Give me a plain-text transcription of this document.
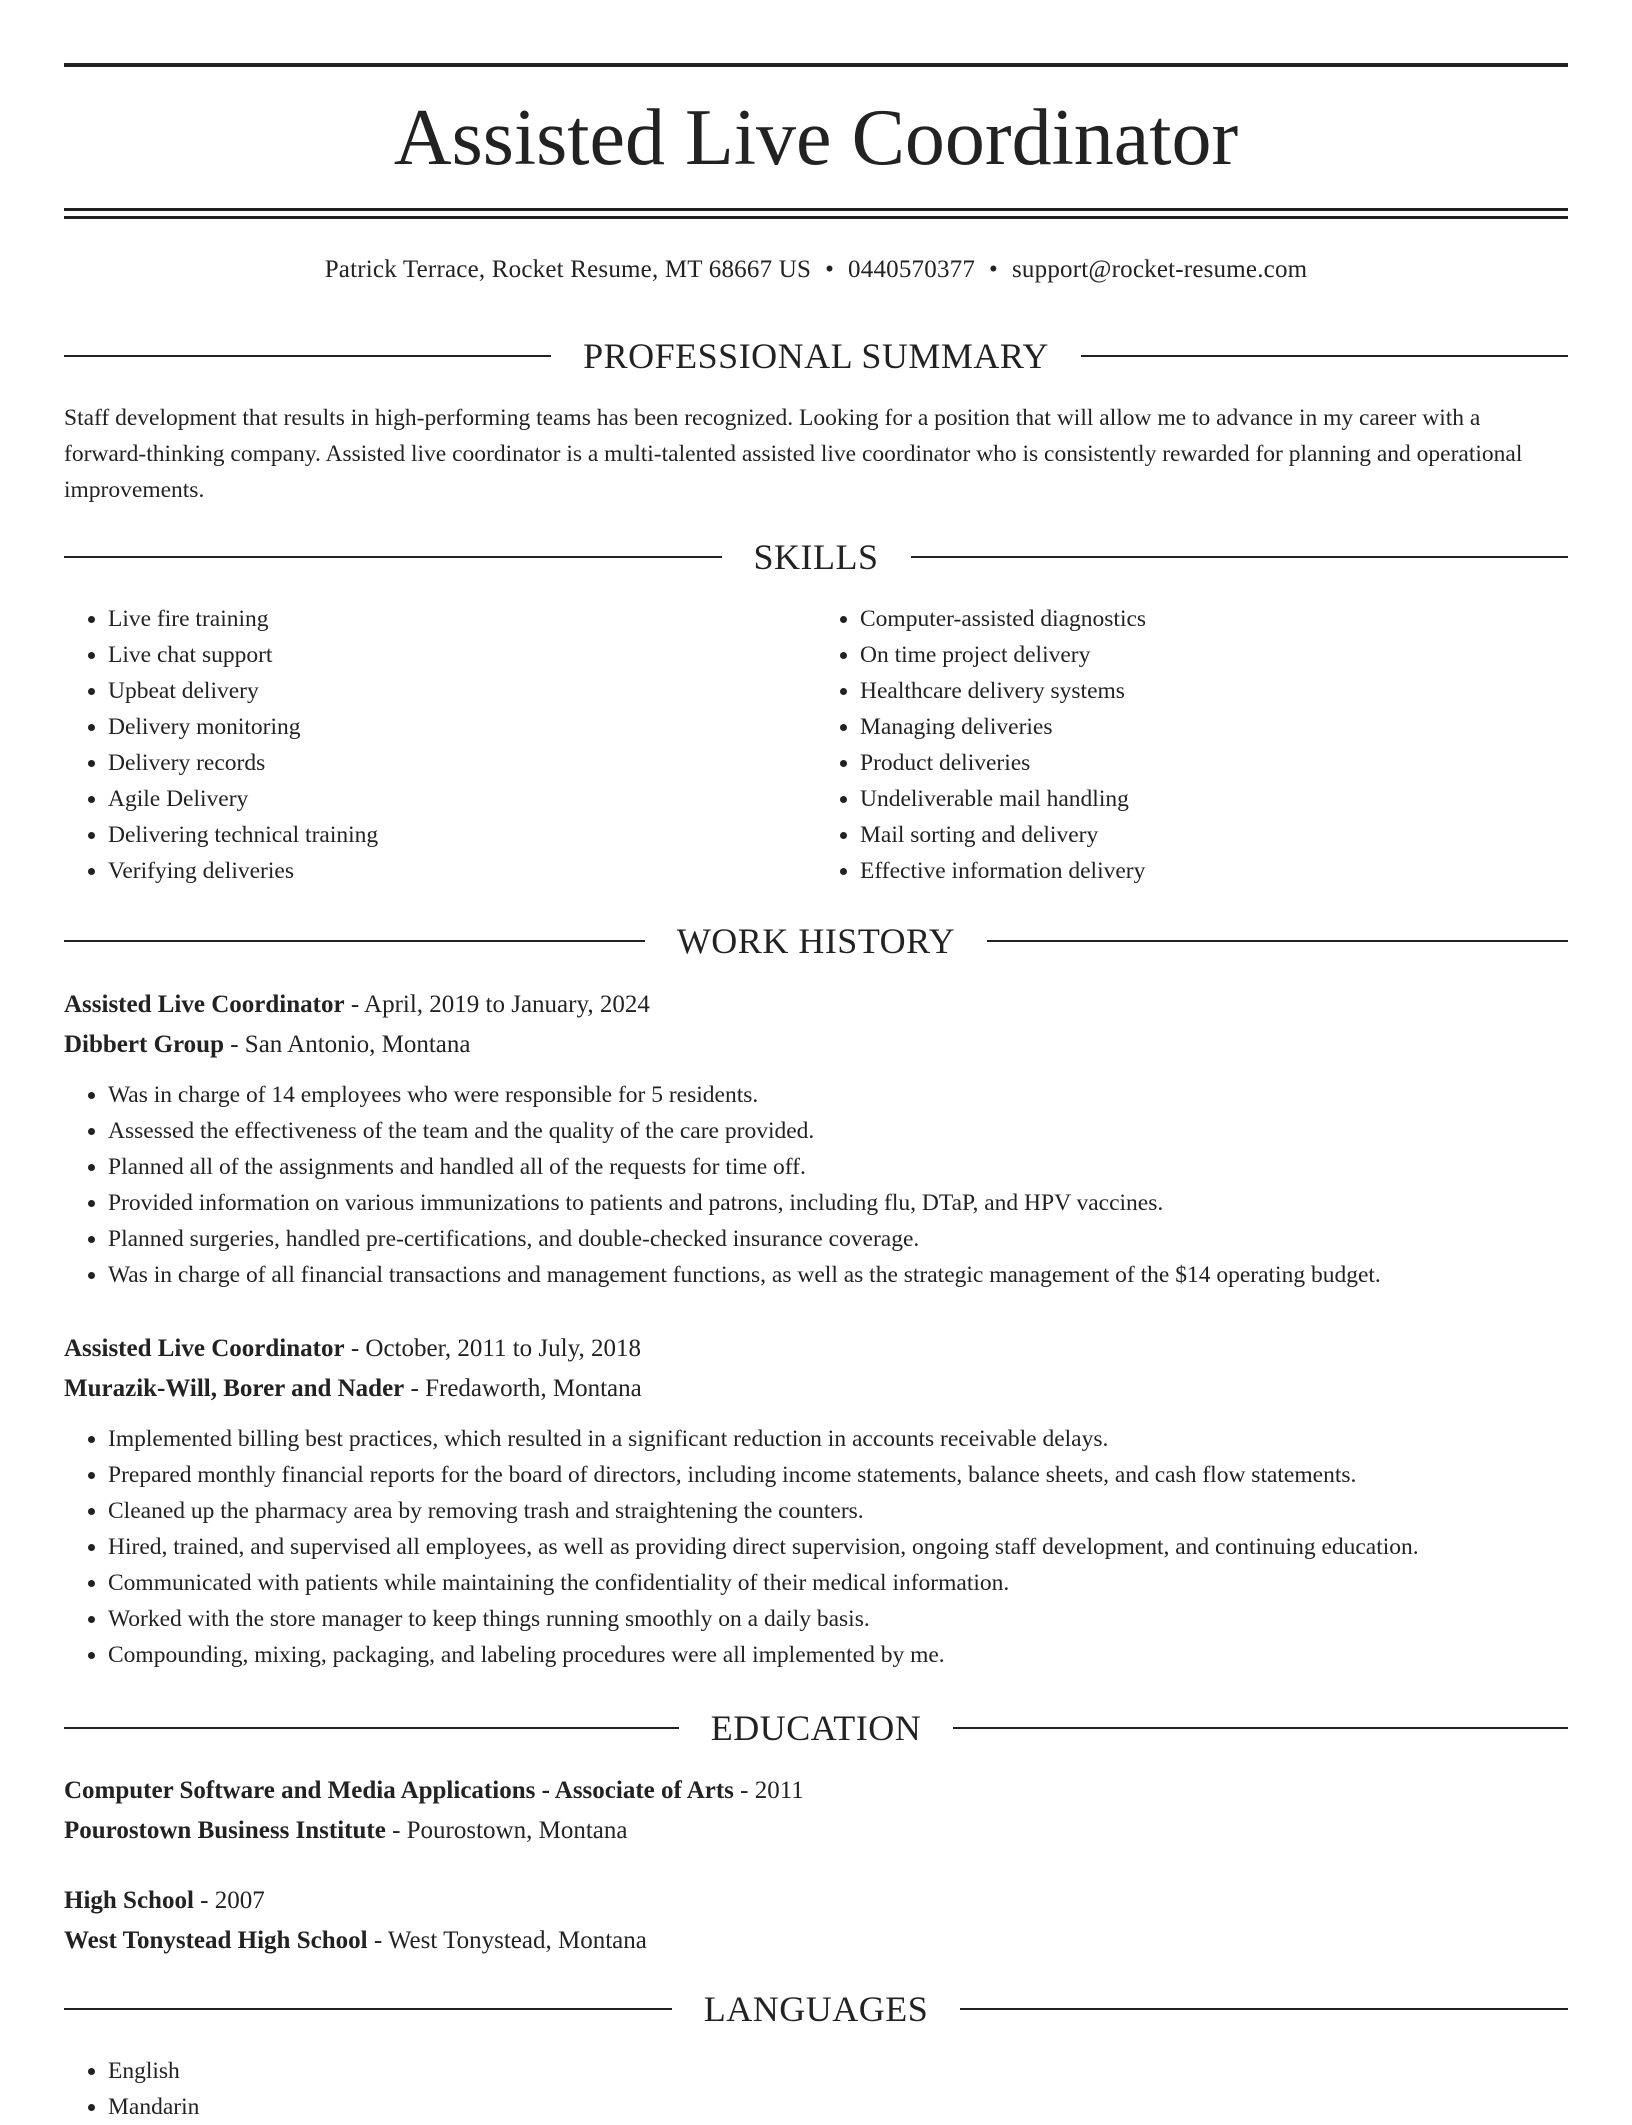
Assisted Live Coordinator
Patrick Terrace, Rocket Resume, MT 68667 US • 0440570377 • support@rocket-resume.com
PROFESSIONAL SUMMARY

Staff development that results in high-performing teams has been recognized. Looking for a position that will allow me to advance in my career with a forward-thinking company. Assisted live coordinator is a multi-talented assisted live coordinator who is consistently rewarded for planning and operational improvements.

SKILLS
• Live fire training
• Live chat support
• Upbeat delivery
• Delivery monitoring
• Delivery records
• Agile Delivery
• Delivering technical training
• Verifying deliveries
• Computer-assisted diagnostics
• On time project delivery
• Healthcare delivery systems
• Managing deliveries
• Product deliveries
• Undeliverable mail handling
• Mail sorting and delivery
• Effective information delivery
WORK HISTORY
Assisted Live Coordinator - April, 2019 to January, 2024
Dibbert Group - San Antonio, Montana
• Was in charge of 14 employees who were responsible for 5 residents.
• Assessed the effectiveness of the team and the quality of the care provided.
• Planned all of the assignments and handled all of the requests for time off.
• Provided information on various immunizations to patients and patrons, including flu, DTaP, and HPV vaccines.
• Planned surgeries, handled pre-certifications, and double-checked insurance coverage.
• Was in charge of all financial transactions and management functions, as well as the strategic management of the $14 operating budget.
Assisted Live Coordinator - October, 2011 to July, 2018
Murazik-Will, Borer and Nader - Fredaworth, Montana
• Implemented billing best practices, which resulted in a significant reduction in accounts receivable delays.
• Prepared monthly financial reports for the board of directors, including income statements, balance sheets, and cash flow statements.
• Cleaned up the pharmacy area by removing trash and straightening the counters.
• Hired, trained, and supervised all employees, as well as providing direct supervision, ongoing staff development, and continuing education.
• Communicated with patients while maintaining the confidentiality of their medical information.
• Worked with the store manager to keep things running smoothly on a daily basis.
• Compounding, mixing, packaging, and labeling procedures were all implemented by me.
EDUCATION
Computer Software and Media Applications - Associate of Arts - 2011
Pourostown Business Institute - Pourostown, Montana
High School - 2007
West Tonystead High School - West Tonystead, Montana
LANGUAGES
• English
• Mandarin
